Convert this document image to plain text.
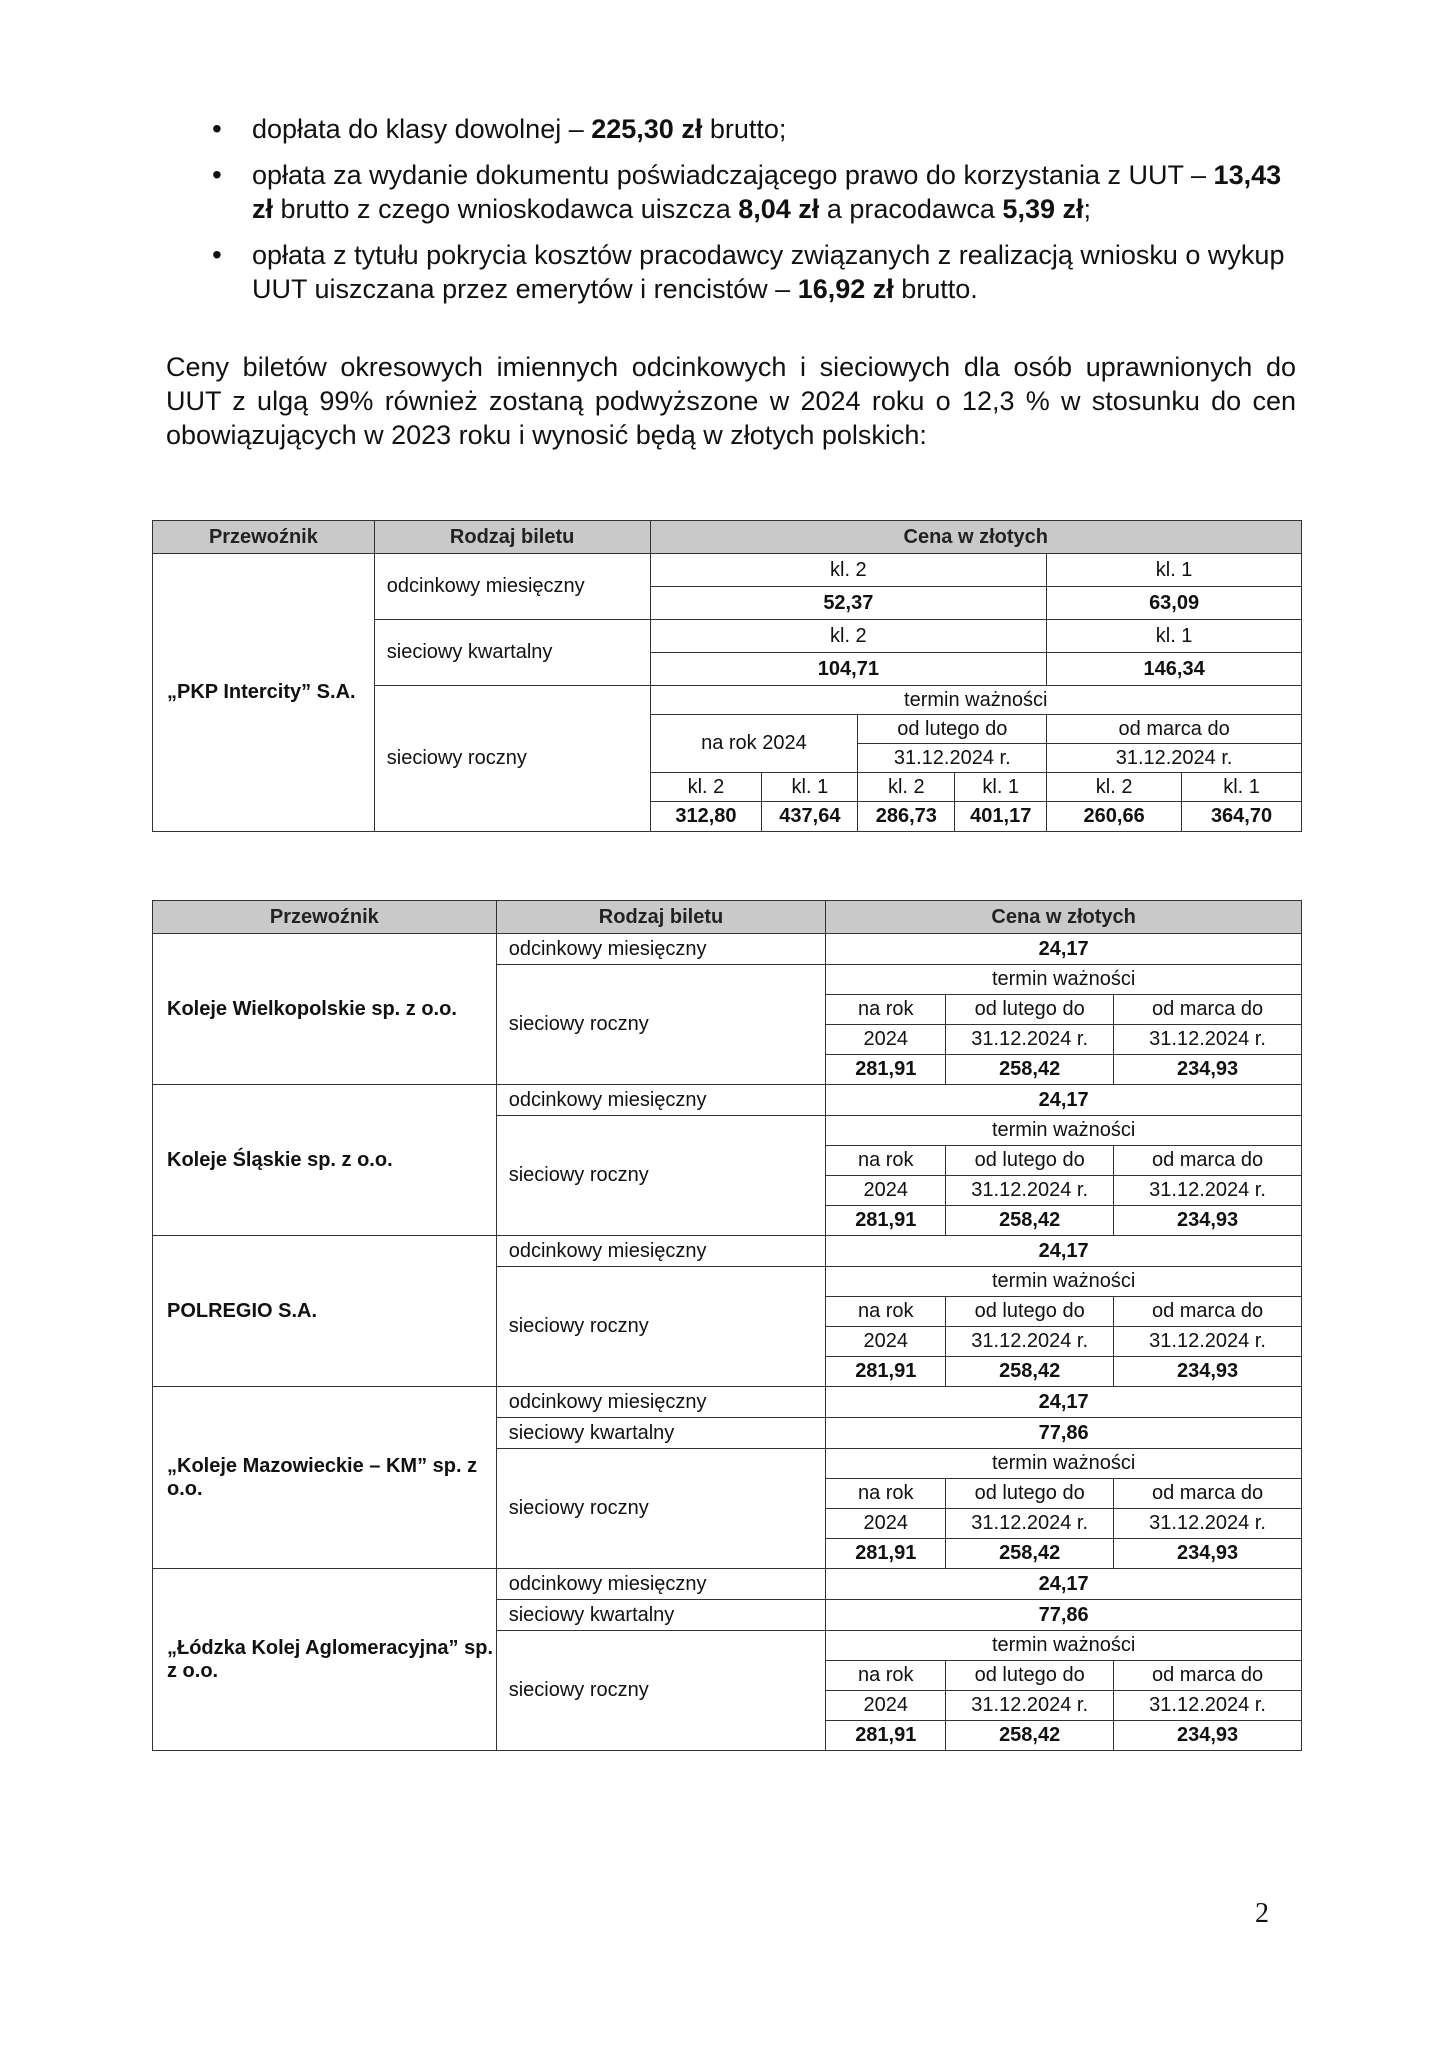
• dopłata do klasy dowolnej – 225,30 zł brutto;
• opłata za wydanie dokumentu poświadczającego prawo do korzystania z UUT – 13,43 zł brutto z czego wnioskodawca uiszcza 8,04 zł a pracodawca 5,39 zł;
• opłata z tytułu pokrycia kosztów pracodawcy związanych z realizacją wniosku o wykup UUT uiszczana przez emerytów i rencistów – 16,92 zł brutto.
Ceny biletów okresowych imiennych odcinkowych i sieciowych dla osób uprawnionych do UUT z ulgą 99% również zostaną podwyższone w 2024 roku o 12,3 % w stosunku do cen obowiązujących w 2023 roku i wynosić będą w złotych polskich:
Przewoźnik	Rodzaj biletu	Cena w złotych					
„PKP Intercity” S.A.	odcinkowy miesięczny	kl. 2				kl. 1	
		52,37				63,09	
	sieciowy kwartalny	kl. 2				kl. 1	
		104,71				146,34	
	sieciowy roczny	termin ważności					
		na rok 2024		od lutego do		od marca do	
				31.12.2024 r.		31.12.2024 r.	
		kl. 2	kl. 1	kl. 2	kl. 1	kl. 2	kl. 1
		312,80	437,64	286,73	401,17	260,66	364,70
Przewoźnik	Rodzaj biletu	Cena w złotych		
Koleje Wielkopolskie sp. z o.o.	odcinkowy miesięczny	24,17		
	sieciowy roczny	termin ważności		
		na rok	od lutego do	od marca do
		2024	31.12.2024 r.	31.12.2024 r.
		281,91	258,42	234,93
Koleje Śląskie sp. z o.o.	odcinkowy miesięczny	24,17		
	sieciowy roczny	termin ważności		
		na rok	od lutego do	od marca do
		2024	31.12.2024 r.	31.12.2024 r.
		281,91	258,42	234,93
POLREGIO S.A.	odcinkowy miesięczny	24,17		
	sieciowy roczny	termin ważności		
		na rok	od lutego do	od marca do
		2024	31.12.2024 r.	31.12.2024 r.
		281,91	258,42	234,93
„Koleje Mazowieckie – KM” sp. z o.o.	odcinkowy miesięczny	24,17		
	sieciowy kwartalny	77,86		
	sieciowy roczny	termin ważności		
		na rok	od lutego do	od marca do
		2024	31.12.2024 r.	31.12.2024 r.
		281,91	258,42	234,93
„Łódzka Kolej Aglomeracyjna” sp. z o.o.	odcinkowy miesięczny	24,17		
	sieciowy kwartalny	77,86		
	sieciowy roczny	termin ważności		
		na rok	od lutego do	od marca do
		2024	31.12.2024 r.	31.12.2024 r.
		281,91	258,42	234,93
2
